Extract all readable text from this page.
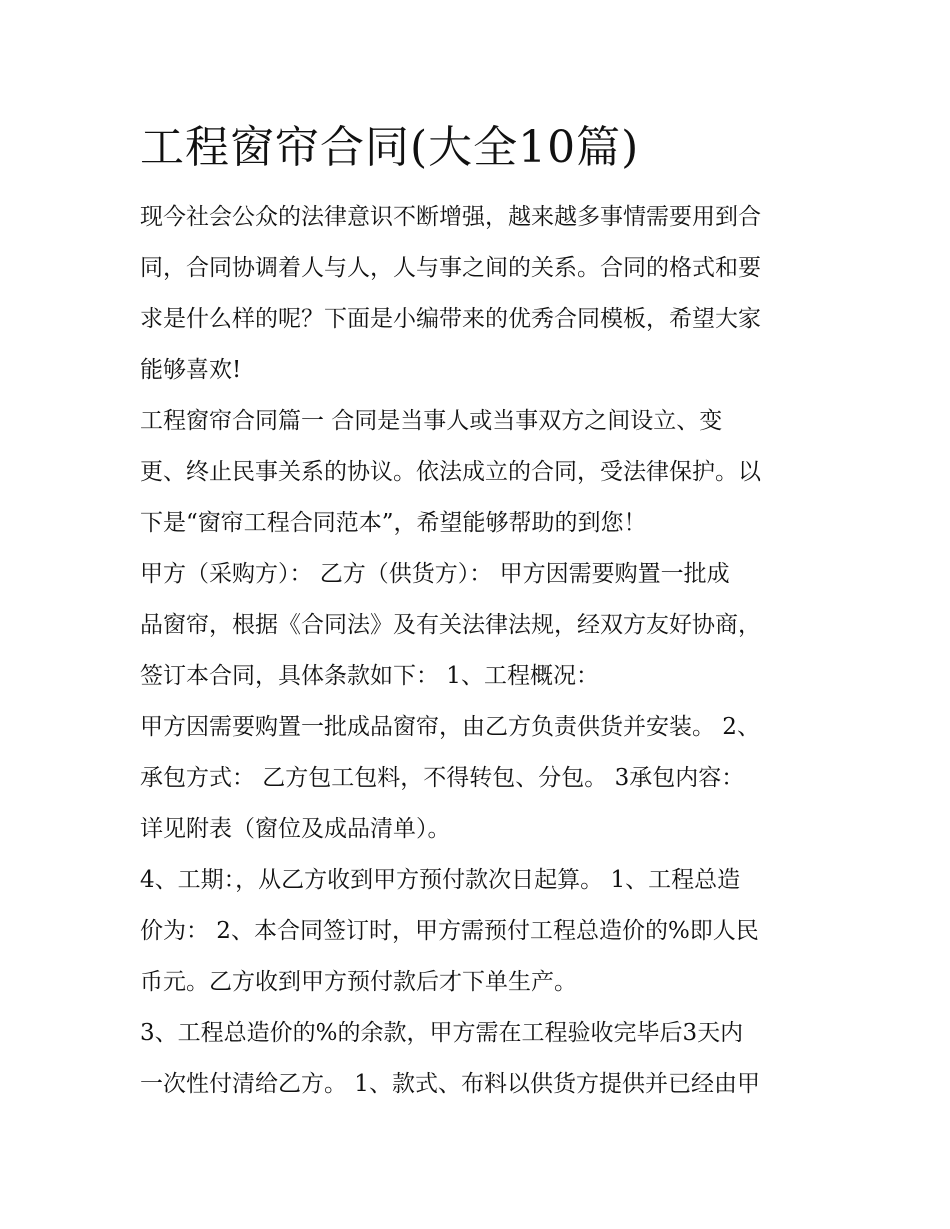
工程窗帘合同(大全10篇)

现今社会公众的法律意识不断增强，越来越多事情需要用到合
同，合同协调着人与人，人与事之间的关系。合同的格式和要
求是什么样的呢？下面是小编带来的优秀合同模板，希望大家
能够喜欢!

工程窗帘合同篇一 合同是当事人或当事双方之间设立、变
更、终止民事关系的协议。依法成立的合同，受法律保护。以
下是“窗帘工程合同范本”，希望能够帮助的到您！

甲方（采购方）： 乙方（供货方）： 甲方因需要购置一批成
品窗帘，根据《合同法》及有关法律法规，经双方友好协商，
签订本合同，具体条款如下： 1、工程概况：

甲方因需要购置一批成品窗帘，由乙方负责供货并安装。 2、
承包方式： 乙方包工包料，不得转包、分包。 3承包内容：
详见附表（窗位及成品清单）。

4、工期：，从乙方收到甲方预付款次日起算。 1、工程总造
价为： 2、本合同签订时，甲方需预付工程总造价的%即人民
币元。乙方收到甲方预付款后才下单生产。

3、工程总造价的%的余款，甲方需在工程验收完毕后3天内
一次性付清给乙方。 1、款式、布料以供货方提供并已经由甲
